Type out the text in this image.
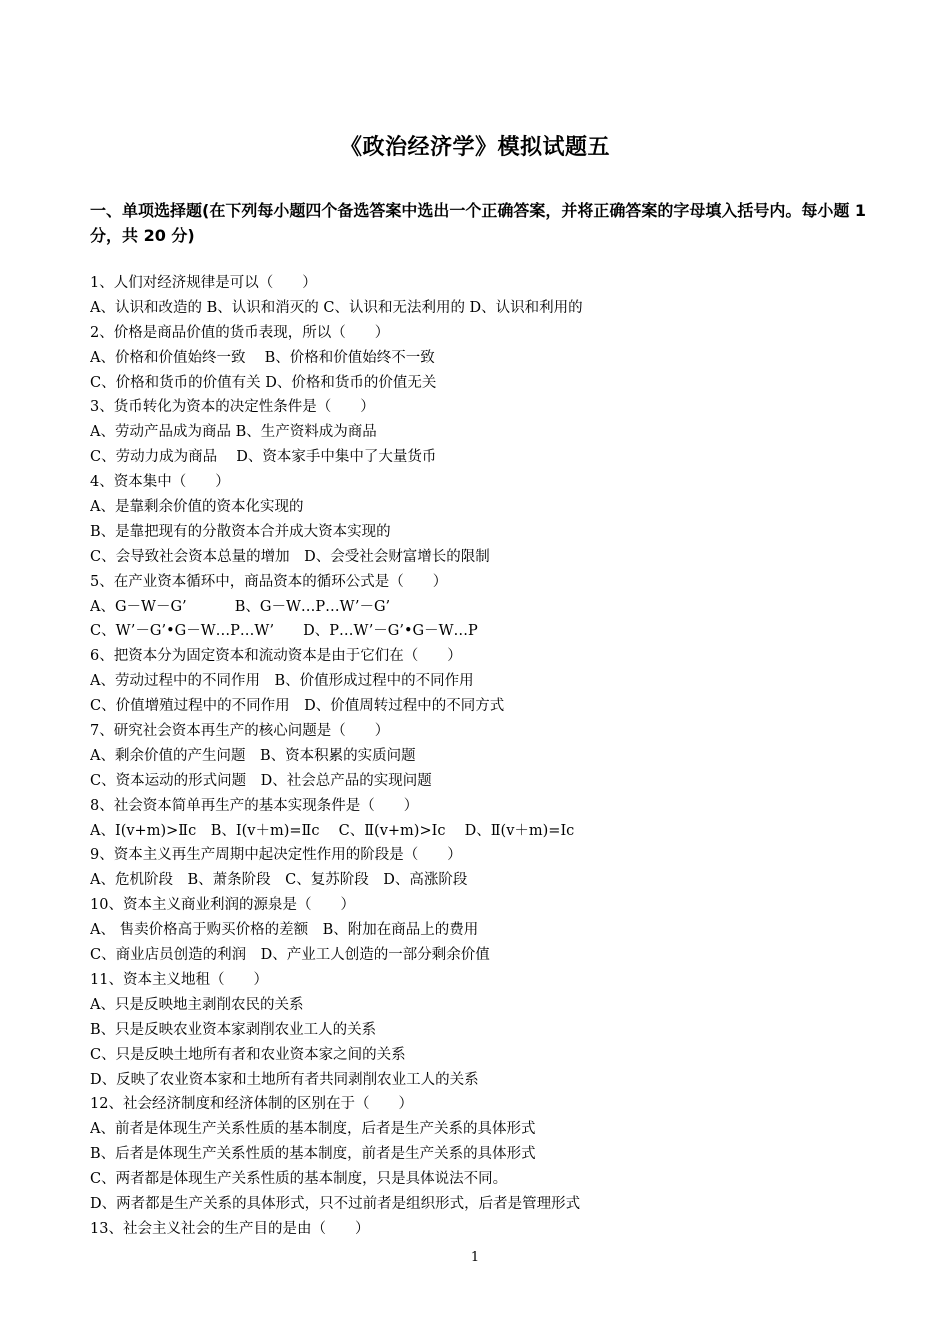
《政治经济学》模拟试题五
一、单项选择题(在下列每小题四个备选答案中选出一个正确答案，并将正确答案的字母填入括号内。每小题 1 分，共 20 分)
1、人们对经济规律是可以（　　）
A、认识和改造的 B、认识和消灭的 C、认识和无法利用的 D、认识和利用的
2、价格是商品价值的货币表现，所以（　　）
A、价格和价值始终一致　 B、价格和价值始终不一致
C、价格和货币的价值有关 D、价格和货币的价值无关
3、货币转化为资本的决定性条件是（　　）
A、劳动产品成为商品 B、生产资料成为商品
C、劳动力成为商品　 D、资本家手中集中了大量货币
4、资本集中（　　）
A、是靠剩余价值的资本化实现的
B、是靠把现有的分散资本合并成大资本实现的
C、会导致社会资本总量的增加　D、会受社会财富增长的限制
5、在产业资本循环中，商品资本的循环公式是（　　）
A、G－W－G’　　　 B、G－W…P…W’－G’
C、W’－G’•G－W…P…W’　　D、P…W’－G’•G－W…P
6、把资本分为固定资本和流动资本是由于它们在（　　）
A、劳动过程中的不同作用　B、价值形成过程中的不同作用
C、价值增殖过程中的不同作用　D、价值周转过程中的不同方式
7、研究社会资本再生产的核心问题是（　　）
A、剩余价值的产生问题　B、资本积累的实质问题
C、资本运动的形式问题　D、社会总产品的实现问题
8、社会资本简单再生产的基本实现条件是（　　）
A、Ⅰ(v+m)>Ⅱc　B、Ⅰ(v＋m)=Ⅱc　 C、Ⅱ(v+m)>Ⅰc　 D、Ⅱ(v＋m)=Ⅰc
9、资本主义再生产周期中起决定性作用的阶段是（　　）
A、危机阶段　B、萧条阶段　C、复苏阶段　D、高涨阶段
10、资本主义商业利润的源泉是（　　）
A、 售卖价格高于购买价格的差额　B、附加在商品上的费用
C、商业店员创造的利润　D、产业工人创造的一部分剩余价值
11、资本主义地租（　　）
A、只是反映地主剥削农民的关系
B、只是反映农业资本家剥削农业工人的关系
C、只是反映土地所有者和农业资本家之间的关系
D、反映了农业资本家和土地所有者共同剥削农业工人的关系
12、社会经济制度和经济体制的区别在于（　　）
A、前者是体现生产关系性质的基本制度，后者是生产关系的具体形式
B、后者是体现生产关系性质的基本制度，前者是生产关系的具体形式
C、两者都是体现生产关系性质的基本制度，只是具体说法不同。
D、两者都是生产关系的具体形式，只不过前者是组织形式，后者是管理形式
13、社会主义社会的生产目的是由（　　）
1
